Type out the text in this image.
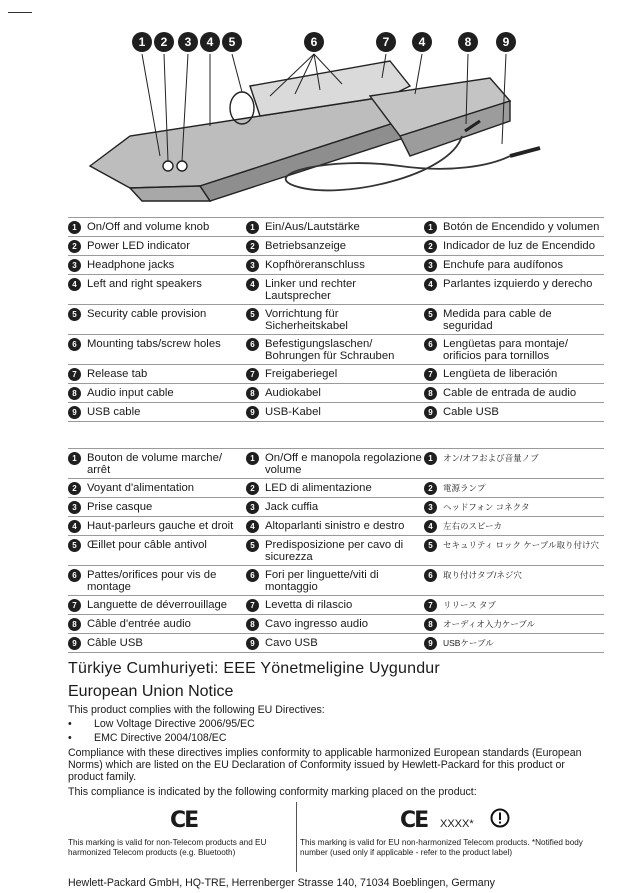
1	2	3	4	5	6	7	4	8	9
1 On/Off and volume knob	1 Ein/Aus/Lautstärke	1 Botón de Encendido y volumen

2 Power LED indicator	2 Betriebsanzeige	2 Indicador de luz de Encendido

3 Headphone jacks	3 Kopfhöreranschluss	3 Enchufe para audífonos

4 Left and right speakers	4 Linker und rechter Lautsprecher	4 Parlantes izquierdo y derecho

5 Security cable provision	5 Vorrichtung für Sicherheitskabel	5 Medida para cable de seguridad

6 Mounting tabs/screw holes	6 Befestigungslaschen/ Bohrungen für Schrauben	6 Lengüetas para montaje/ orificios para tornillos

7 Release tab	7 Freigaberiegel	7 Lengüeta de liberación

8 Audio input cable	8 Audiokabel	8 Cable de entrada de audio

9 USB cable	9 USB-Kabel	9 Cable USB
1 Bouton de volume marche/ arrêt	1 On/Off e manopola regolazione volume	1 オン/オフおよび音量ノブ

2 Voyant d'alimentation	2 LED di alimentazione	2 電源ランプ

3 Prise casque	3 Jack cuffia	3 ヘッドフォン コネクタ

4 Haut-parleurs gauche et droit	4 Altoparlanti sinistro e destro	4 左右のスピーカ

5 Œillet pour câble antivol	5 Predisposizione per cavo di sicurezza	5 セキュリティ ロック ケーブル取り付け穴

6 Pattes/orifices pour vis de montage	6 Fori per linguette/viti di montaggio	6 取り付けタブ/ネジ穴

7 Languette de déverrouillage	7 Levetta di rilascio	7 リリース タブ

8 Câble d'entrée audio	8 Cavo ingresso audio	8 オーディオ入力ケーブル

9 Câble USB	9 Cavo USB	9 USBケーブル
Türkiye Cumhuriyeti: EEE Yönetmeligine Uygundur
European Union Notice
This product complies with the following EU Directives:
• Low Voltage Directive 2006/95/EC
• EMC Directive 2004/108/EC
Compliance with these directives implies conformity to applicable harmonized European standards (European Norms) which are listed on the EU Declaration of Conformity issued by Hewlett-Packard for this product or product family.
This compliance is indicated by the following conformity marking placed on the product:
CE	CE XXXX*
This marking is valid for non-Telecom products and EU harmonized Telecom products (e.g. Bluetooth)
This marking is valid for EU non-harmonized Telecom products. *Notified body number (used only if applicable - refer to the product label)
Hewlett-Packard GmbH, HQ-TRE, Herrenberger Strasse 140, 71034 Boeblingen, Germany
